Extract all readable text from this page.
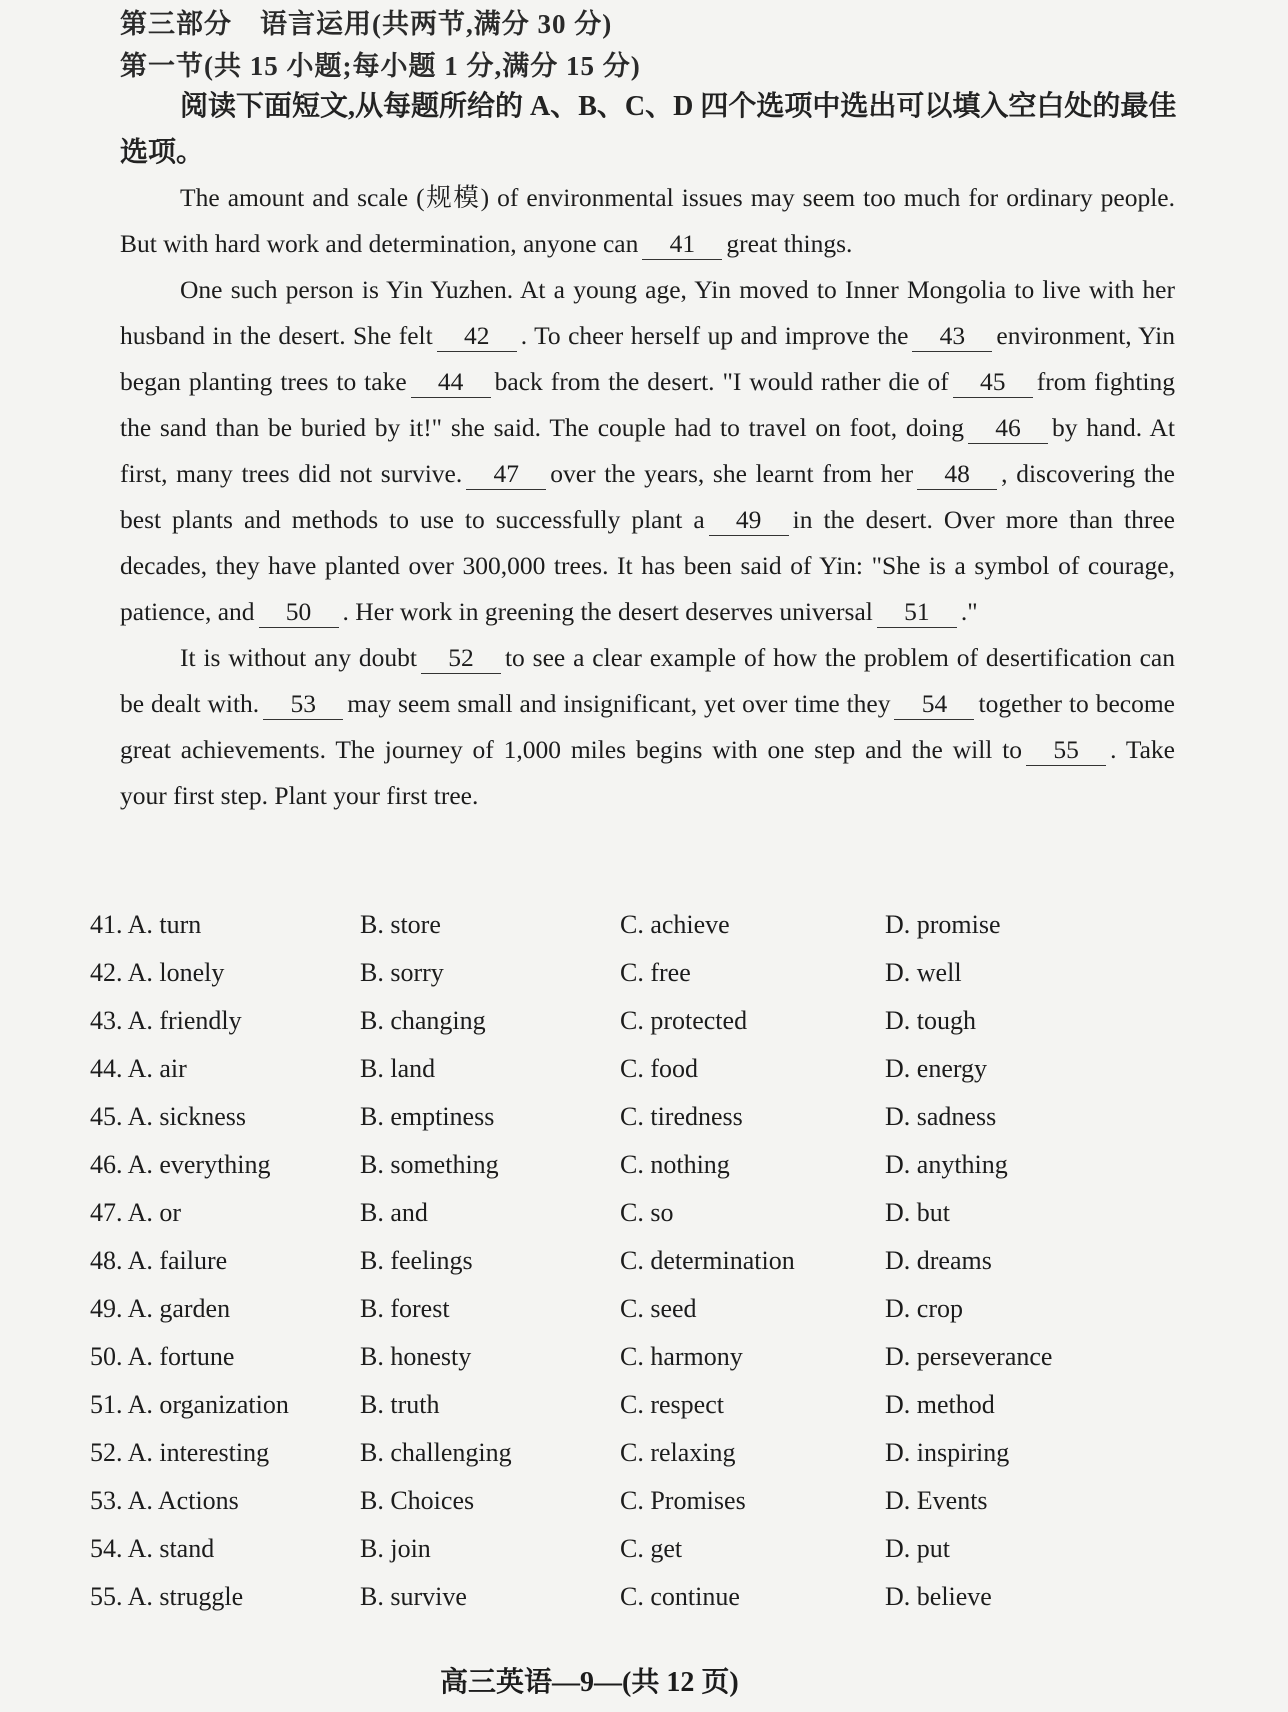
第三部分　语言运用(共两节,满分 30 分)
第一节(共 15 小题;每小题 1 分,满分 15 分)
阅读下面短文,从每题所给的 A、B、C、D 四个选项中选出可以填入空白处的最佳选项。

The amount and scale (规模) of environmental issues may seem too much for ordinary people. But with hard work and determination, anyone can 41 great things.

One such person is Yin Yuzhen. At a young age, Yin moved to Inner Mongolia to live with her husband in the desert. She felt 42 . To cheer herself up and improve the 43 environment, Yin began planting trees to take 44 back from the desert. "I would rather die of 45 from fighting the sand than be buried by it!" she said. The couple had to travel on foot, doing 46 by hand. At first, many trees did not survive. 47 over the years, she learnt from her 48 , discovering the best plants and methods to use to successfully plant a 49 in the desert. Over more than three decades, they have planted over 300,000 trees. It has been said of Yin: "She is a symbol of courage, patience, and 50 . Her work in greening the desert deserves universal 51 ."

It is without any doubt 52 to see a clear example of how the problem of desertification can be dealt with. 53 may seem small and insignificant, yet over time they 54 together to become great achievements. The journey of 1,000 miles begins with one step and the will to 55 . Take your first step. Plant your first tree.

41. A. turn	B. store	C. achieve	D. promise
42. A. lonely	B. sorry	C. free	D. well
43. A. friendly	B. changing	C. protected	D. tough
44. A. air	B. land	C. food	D. energy
45. A. sickness	B. emptiness	C. tiredness	D. sadness
46. A. everything	B. something	C. nothing	D. anything
47. A. or	B. and	C. so	D. but
48. A. failure	B. feelings	C. determination	D. dreams
49. A. garden	B. forest	C. seed	D. crop
50. A. fortune	B. honesty	C. harmony	D. perseverance
51. A. organization	B. truth	C. respect	D. method
52. A. interesting	B. challenging	C. relaxing	D. inspiring
53. A. Actions	B. Choices	C. Promises	D. Events
54. A. stand	B. join	C. get	D. put
55. A. struggle	B. survive	C. continue	D. believe
高三英语—9—(共 12 页)
